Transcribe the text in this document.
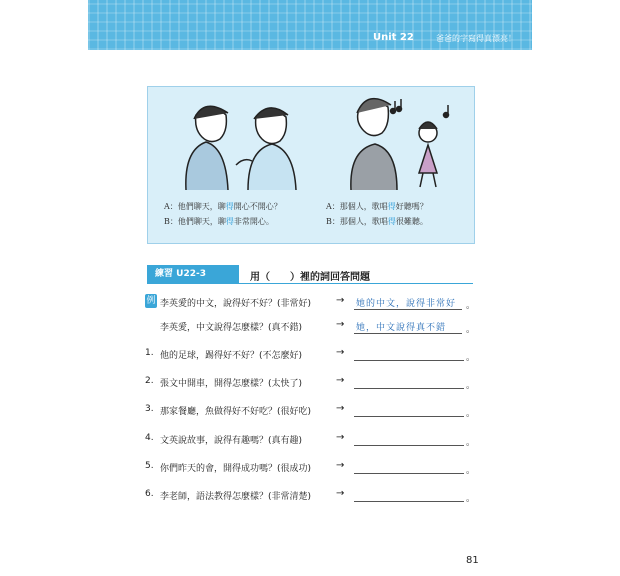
Unit 22	爸爸的字寫得真漂亮！
A：他們聊天，聊得開心不開心？
B：他們聊天，聊得非常開心。
A：那個人，歌唱得好聽嗎？
B：那個人，歌唱得很難聽。
練習 U22-3	用（　　）裡的詞回答問題
例 李英愛的中文，說得好不好？(非常好) → 她的中文，說得非常好 。
李英愛，中文說得怎麼樣？(真不錯)	→ 她，中文說得真不錯 。
1. 他的足球，踢得好不好？(不怎麼好)	→	。
2. 張文中開車，開得怎麼樣？(太快了)	→	。
3. 那家餐廳，魚做得好不好吃？(很好吃) →	。
4. 文英說故事，說得有趣嗎？(真有趣)	→	。
5. 你們昨天的會，開得成功嗎？(很成功) →	。
6. 李老師，語法教得怎麼樣？(非常清楚) →	。
81
